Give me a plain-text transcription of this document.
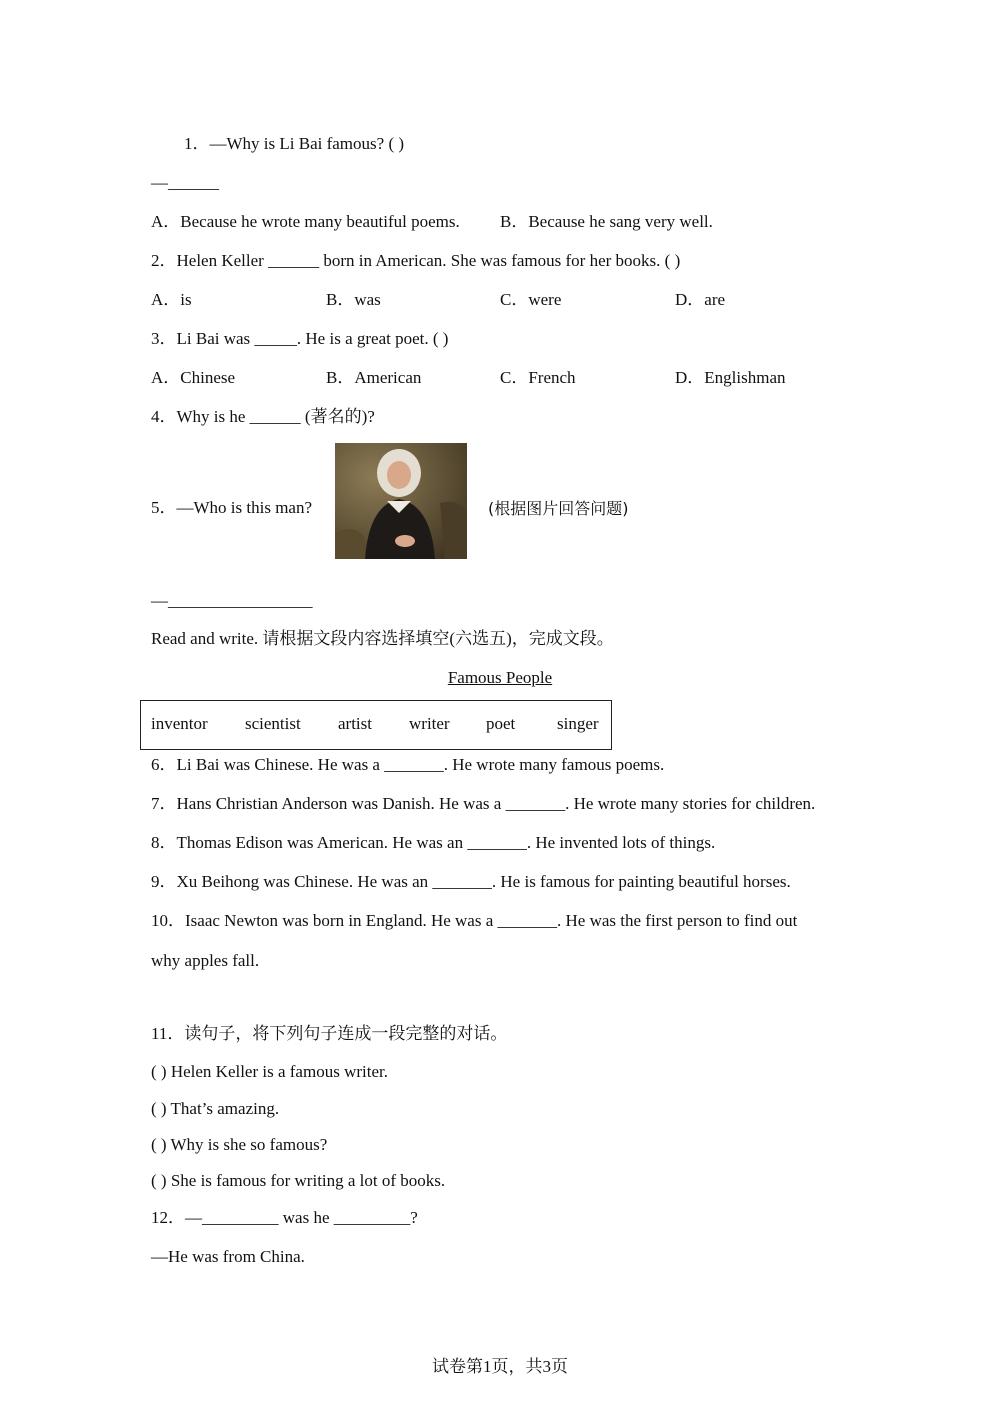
1．—Why is Li Bai famous? ( )
—______
A．Because he wrote many beautiful poems. B．Because he sang very well.
2．Helen Keller ______ born in American. She was famous for her books. ( )
A．is	B．was	C．were	D．are
3．Li Bai was _____. He is a great poet. ( )
A．Chinese	B．American	C．French	D．Englishman
4．Why is he ______ (著名的)?
5．—Who is this man?	(根据图片回答问题)
—_________________
Read and write. 请根据文段内容选择填空(六选五)，完成文段。
Famous People
inventor scientist artist writer poet singer
6．Li Bai was Chinese. He was a _______. He wrote many famous poems.
7．Hans Christian Anderson was Danish. He was a _______. He wrote many stories for children.
8．Thomas Edison was American. He was an _______. He invented lots of things.
9．Xu Beihong was Chinese. He was an _______. He is famous for painting beautiful horses.
10．Isaac Newton was born in England. He was a _______. He was the first person to find out
why apples fall.
11．读句子，将下列句子连成一段完整的对话。
( ) Helen Keller is a famous writer.
( ) That’s amazing.
( ) Why is she so famous?
( ) She is famous for writing a lot of books.
12．—_________ was he _________?
—He was from China.
试卷第1页，共3页
